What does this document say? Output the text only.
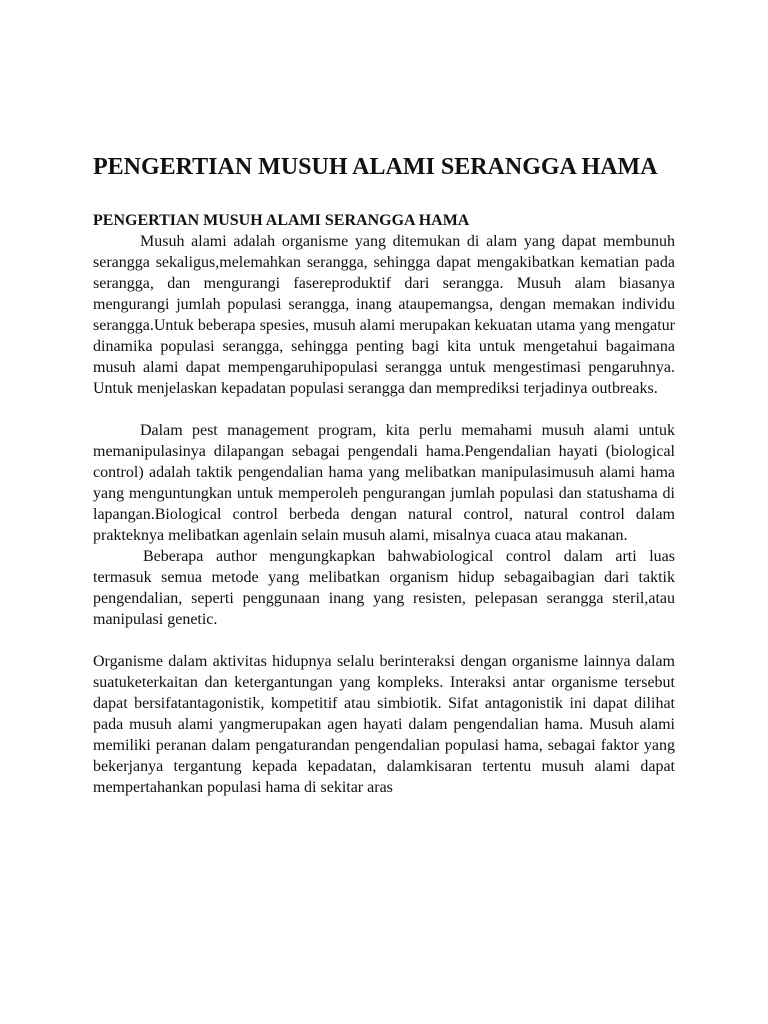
PENGERTIAN MUSUH ALAMI SERANGGA HAMA
PENGERTIAN MUSUH ALAMI SERANGGA HAMA

Musuh alami adalah organisme yang ditemukan di alam yang dapat membunuh serangga sekaligus,melemahkan serangga, sehingga dapat mengakibatkan kematian pada serangga, dan mengurangi fasereproduktif dari serangga. Musuh alam biasanya mengurangi jumlah populasi serangga, inang ataupemangsa, dengan memakan individu serangga.Untuk beberapa spesies, musuh alami merupakan kekuatan utama yang mengatur dinamika populasi serangga, sehingga penting bagi kita untuk mengetahui bagaimana musuh alami dapat mempengaruhipopulasi serangga untuk mengestimasi pengaruhnya. Untuk menjelaskan kepadatan populasi serangga dan memprediksi terjadinya outbreaks.

Dalam pest management program, kita perlu memahami musuh alami untuk memanipulasinya dilapangan sebagai pengendali hama.Pengendalian hayati (biological control) adalah taktik pengendalian hama yang melibatkan manipulasimusuh alami hama yang menguntungkan untuk memperoleh pengurangan jumlah populasi dan statushama di lapangan.Biological control berbeda dengan natural control, natural control dalam prakteknya melibatkan agenlain selain musuh alami, misalnya cuaca atau makanan.

Beberapa author mengungkapkan bahwabiological control dalam arti luas termasuk semua metode yang melibatkan organism hidup sebagaibagian dari taktik pengendalian, seperti penggunaan inang yang resisten, pelepasan serangga steril,atau manipulasi genetic.

Organisme dalam aktivitas hidupnya selalu berinteraksi dengan organisme lainnya dalam suatuketerkaitan dan ketergantungan yang kompleks. Interaksi antar organisme tersebut dapat bersifatantagonistik, kompetitif atau simbiotik. Sifat antagonistik ini dapat dilihat pada musuh alami yangmerupakan agen hayati dalam pengendalian hama. Musuh alami memiliki peranan dalam pengaturandan pengendalian populasi hama, sebagai faktor yang bekerjanya tergantung kepada kepadatan, dalamkisaran tertentu musuh alami dapat mempertahankan populasi hama di sekitar aras
